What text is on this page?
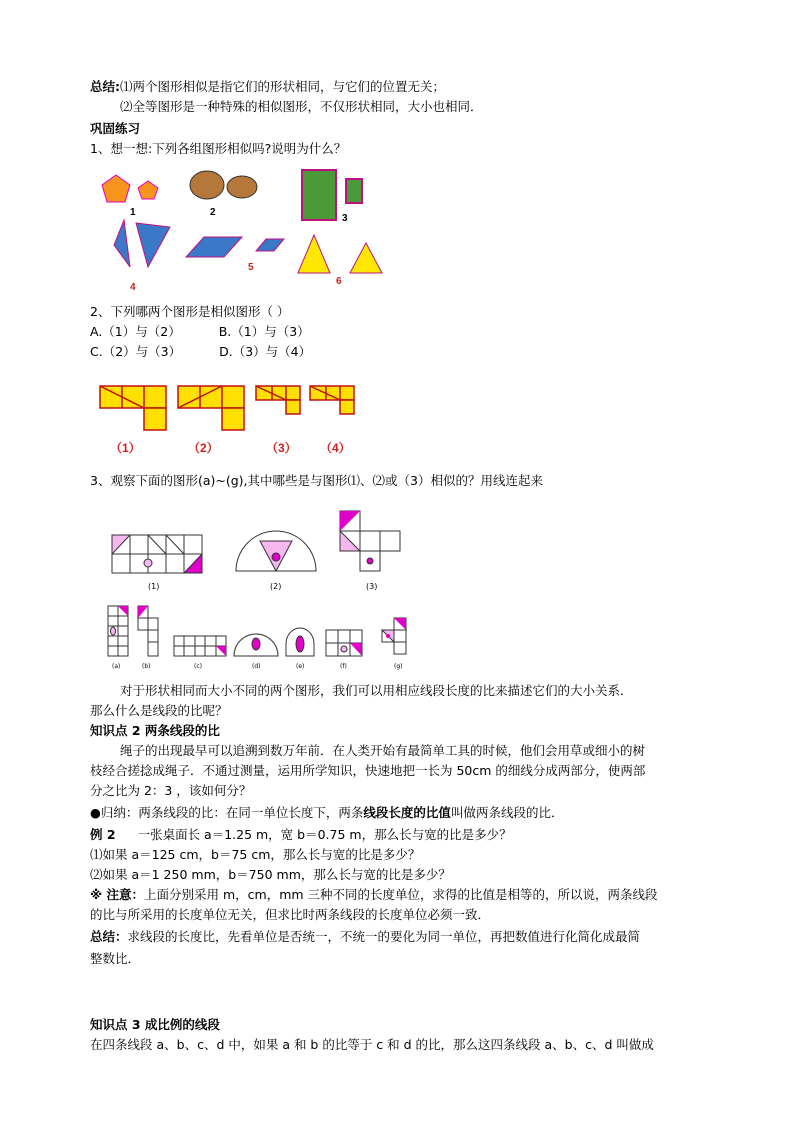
总结:⑴两个图形相似是指它们的形状相同，与它们的位置无关；
⑵全等图形是一种特殊的相似图形，不仅形状相同，大小也相同．
巩固练习
1、想一想:下列各组图形相似吗?说明为什么？
1	2
3
4
5
6
2、下列哪两个图形是相似图形（ ）
A.（1）与（2）	B.（1）与（3）
C.（2）与（3）	D.（3）与（4）
（1）	（2）	（3） （4）
3、观察下面的图形(a)~(g),其中哪些是与图形⑴、⑵或（3）相似的？用线连起来
(1)	(2)	(3)
(a)	(b)	(c)	(d)	(e)	(f)	(g)
对于形状相同而大小不同的两个图形，我们可以用相应线段长度的比来描述它们的大小关系．
那么什么是线段的比呢？
知识点 2 两条线段的比
绳子的出现最早可以追溯到数万年前．在人类开始有最简单工具的时候，他们会用草或细小的树
枝经合搓捻成绳子．不通过测量，运用所学知识，快速地把一长为 50cm 的细线分成两部分，使两部
分之比为 2：3 ，该如何分？
●归纳：两条线段的比：在同一单位长度下，两条线段长度的比值叫做两条线段的比．
例 2 一张桌面长 a＝1.25 m，宽 b＝0.75 m，那么长与宽的比是多少？
⑴如果 a＝125 cm，b＝75 cm，那么长与宽的比是多少？
⑵如果 a＝1 250 mm，b＝750 mm，那么长与宽的比是多少？
※ 注意：上面分别采用 m，cm，mm 三种不同的长度单位，求得的比值是相等的，所以说，两条线段
的比与所采用的长度单位无关，但求比时两条线段的长度单位必须一致．
总结：求线段的长度比，先看单位是否统一，不统一的要化为同一单位，再把数值进行化简化成最简
整数比．
知识点 3 成比例的线段
在四条线段 a、b、c、d 中，如果 a 和 b 的比等于 c 和 d 的比，那么这四条线段 a、b、c、d 叫做成
